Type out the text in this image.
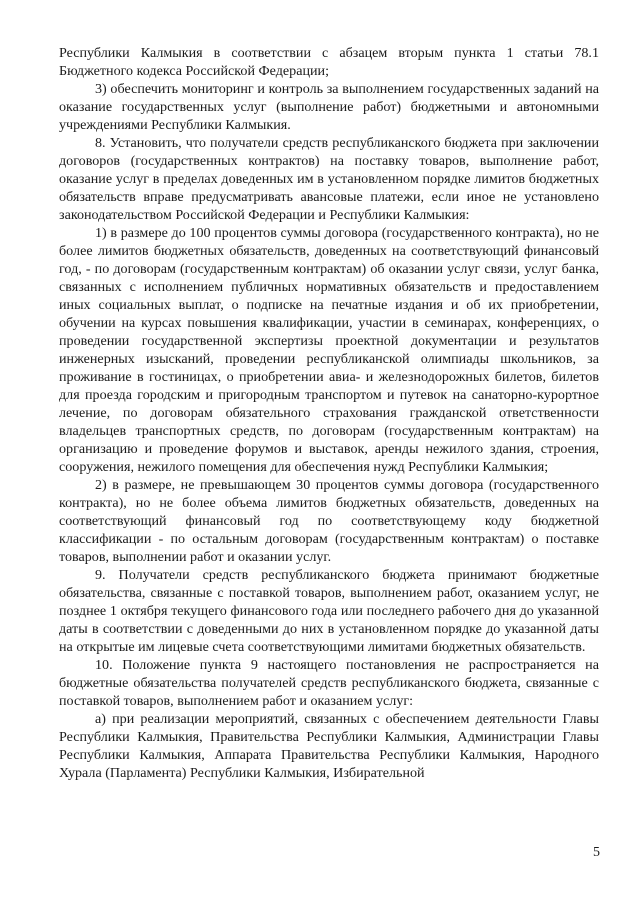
Республики Калмыкия в соответствии с абзацем вторым пункта 1 статьи 78.1 Бюджетного кодекса Российской Федерации;

3) обеспечить мониторинг и контроль за выполнением государственных заданий на оказание государственных услуг (выполнение работ) бюджетными и автономными учреждениями Республики Калмыкия.

8. Установить, что получатели средств республиканского бюджета при заключении договоров (государственных контрактов) на поставку товаров, выполнение работ, оказание услуг в пределах доведенных им в установленном порядке лимитов бюджетных обязательств вправе предусматривать авансовые платежи, если иное не установлено законодательством Российской Федерации и Республики Калмыкия:

1) в размере до 100 процентов суммы договора (государственного контракта), но не более лимитов бюджетных обязательств, доведенных на соответствующий финансовый год, - по договорам (государственным контрактам) об оказании услуг связи, услуг банка, связанных с исполнением публичных нормативных обязательств и предоставлением иных социальных выплат, о подписке на печатные издания и об их приобретении, обучении на курсах повышения квалификации, участии в семинарах, конференциях, о проведении государственной экспертизы проектной документации и результатов инженерных изысканий, проведении республиканской олимпиады школьников, за проживание в гостиницах, о приобретении авиа- и железнодорожных билетов, билетов для проезда городским и пригородным транспортом и путевок на санаторно-курортное лечение, по договорам обязательного страхования гражданской ответственности владельцев транспортных средств, по договорам (государственным контрактам) на организацию и проведение форумов и выставок, аренды нежилого здания, строения, сооружения, нежилого помещения для обеспечения нужд Республики Калмыкия;

2) в размере, не превышающем 30 процентов суммы договора (государственного контракта), но не более объема лимитов бюджетных обязательств, доведенных на соответствующий финансовый год по соответствующему коду бюджетной классификации - по остальным договорам (государственным контрактам) о поставке товаров, выполнении работ и оказании услуг.

9. Получатели средств республиканского бюджета принимают бюджетные обязательства, связанные с поставкой товаров, выполнением работ, оказанием услуг, не позднее 1 октября текущего финансового года или последнего рабочего дня до указанной даты в соответствии с доведенными до них в установленном порядке до указанной даты на открытые им лицевые счета соответствующими лимитами бюджетных обязательств.

10. Положение пункта 9 настоящего постановления не распространяется на бюджетные обязательства получателей средств республиканского бюджета, связанные с поставкой товаров, выполнением работ и оказанием услуг:

а) при реализации мероприятий, связанных с обеспечением деятельности Главы Республики Калмыкия, Правительства Республики Калмыкия, Администрации Главы Республики Калмыкия, Аппарата Правительства Республики Калмыкия, Народного Хурала (Парламента) Республики Калмыкия, Избирательной

5
